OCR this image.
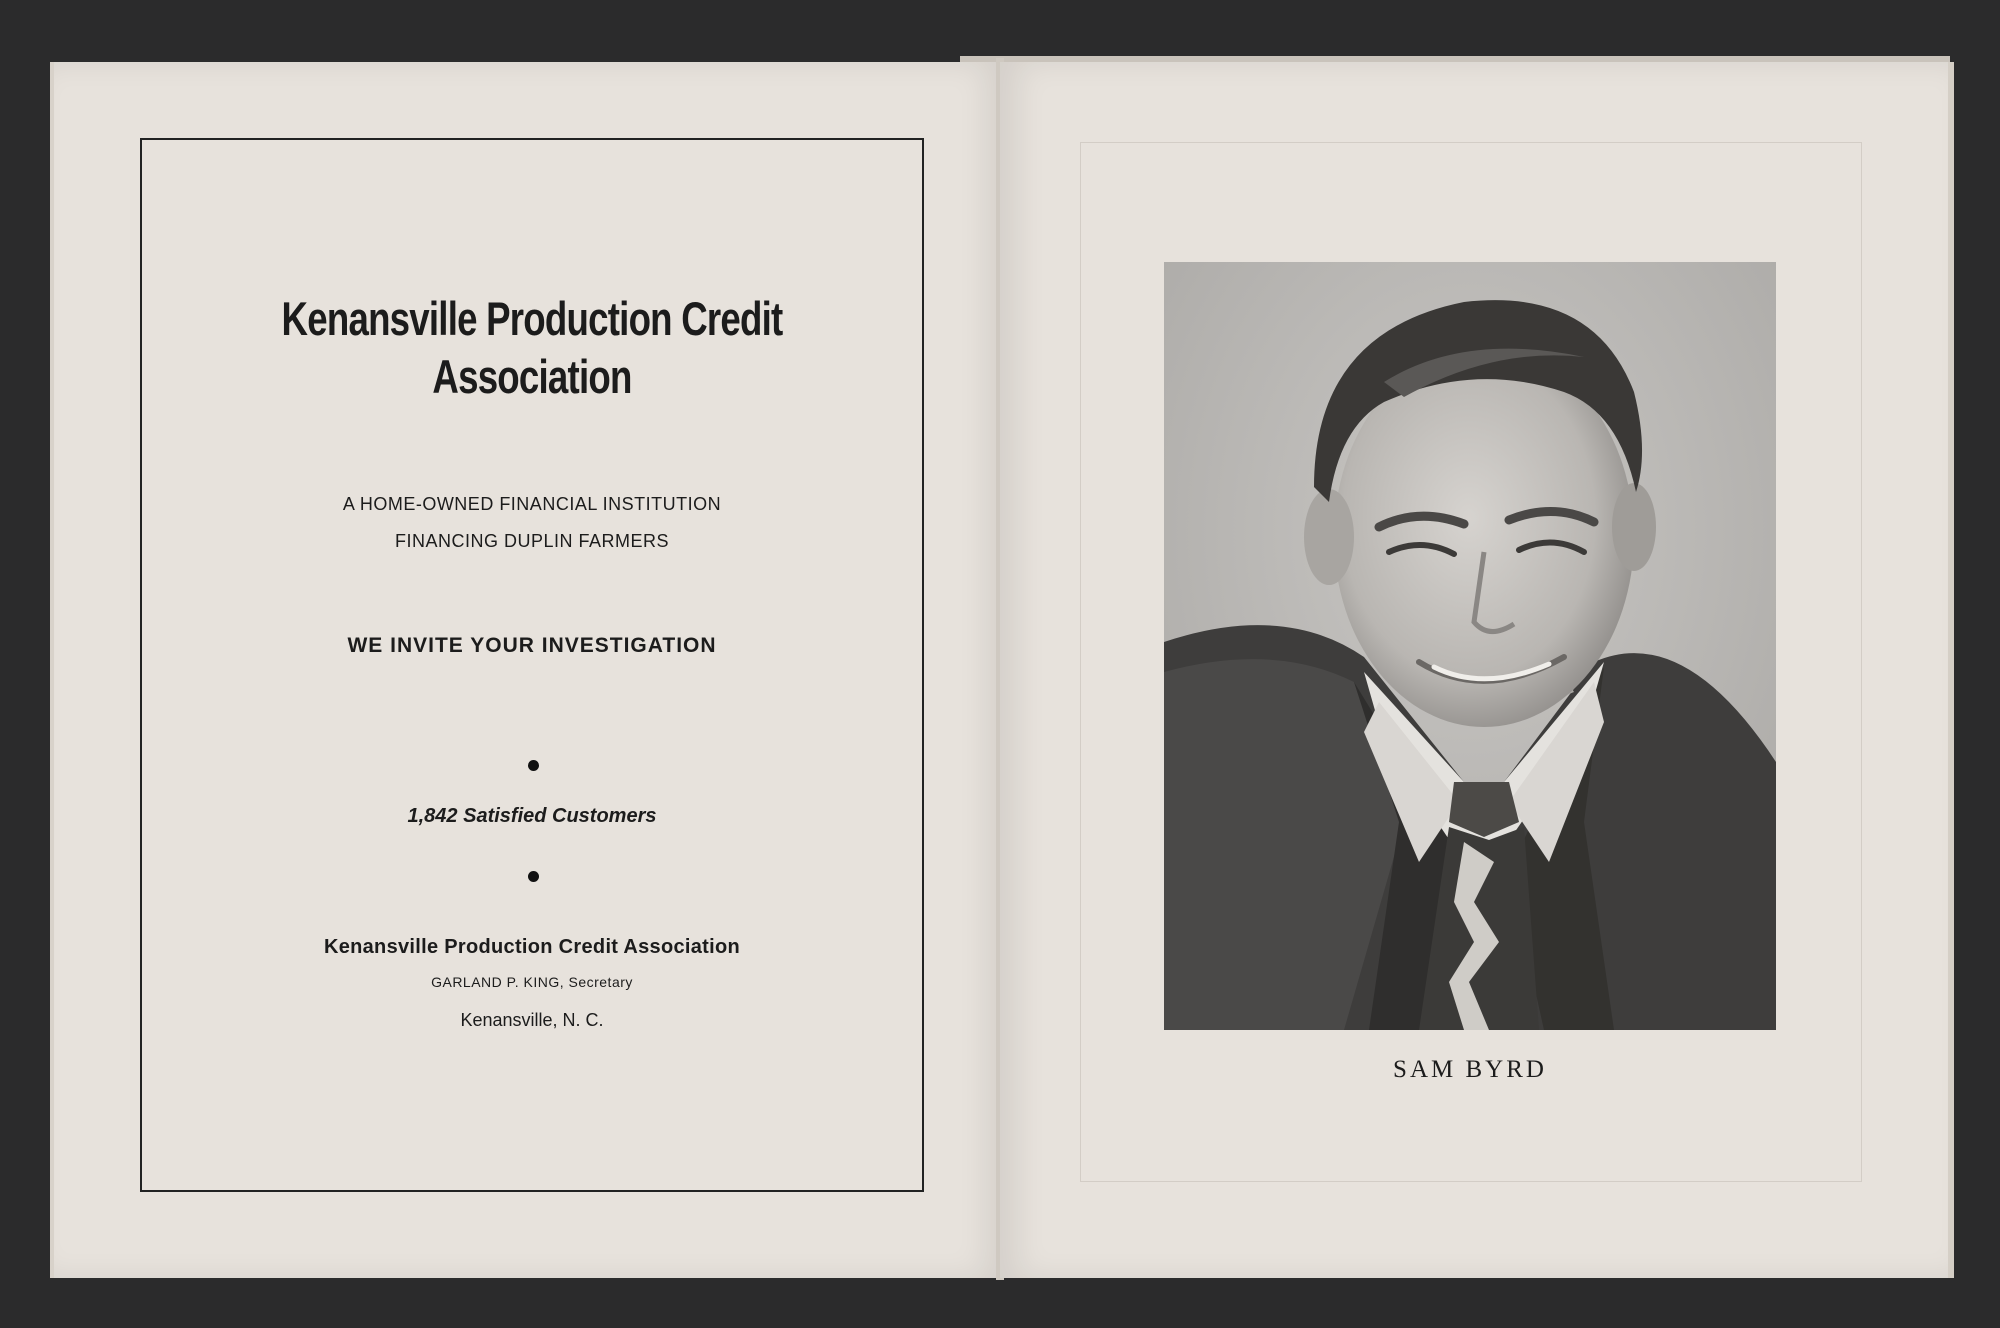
Kenansville Production Credit
Association
A HOME-OWNED FINANCIAL INSTITUTION
FINANCING DUPLIN FARMERS
WE INVITE YOUR INVESTIGATION
1,842 Satisfied Customers
Kenansville Production Credit Association
GARLAND P. KING, Secretary
Kenansville, N. C.
SAM BYRD
